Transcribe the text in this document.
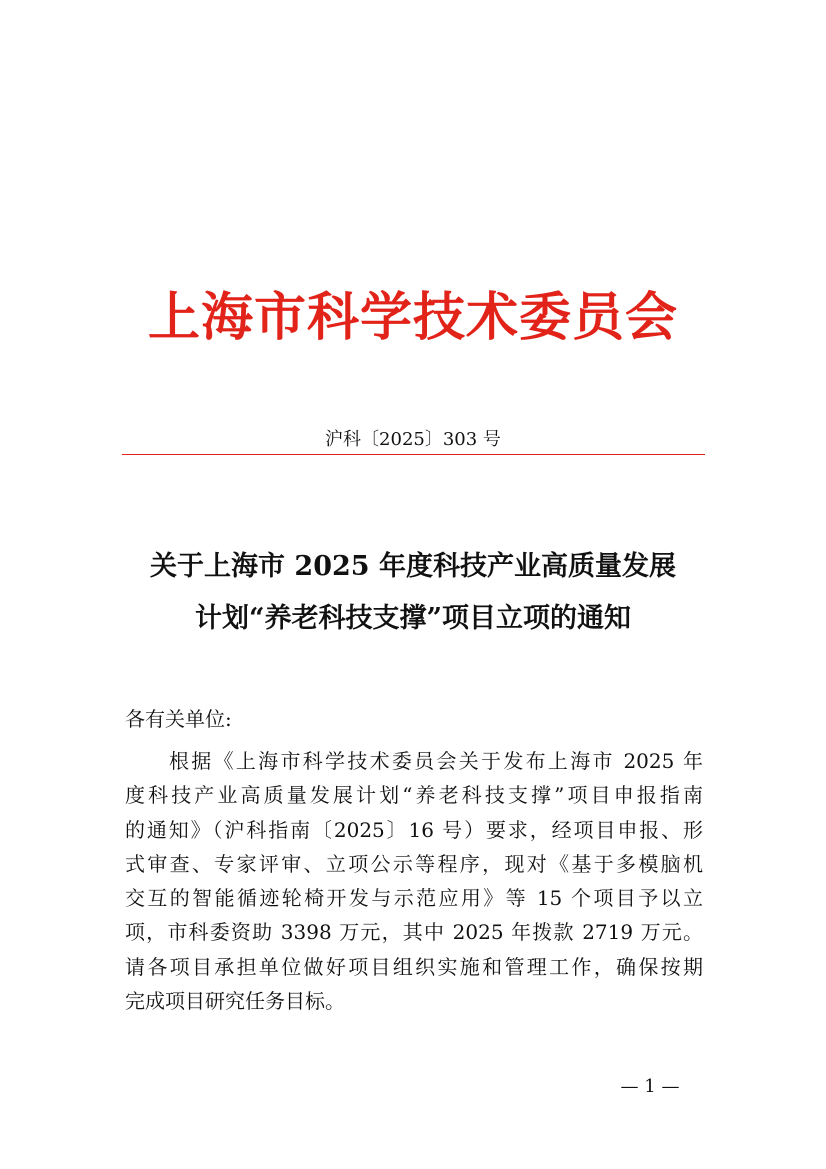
上海市科学技术委员会
沪科〔2025〕303 号
关于上海市 2025 年度科技产业高质量发展
计划“养老科技支撑”项目立项的通知
各有关单位:
根据《上海市科学技术委员会关于发布上海市 2025 年
度科技产业高质量发展计划“养老科技支撑”项目申报指南
的通知》（沪科指南〔2025〕16 号）要求，经项目申报、形
式审查、专家评审、立项公示等程序，现对《基于多模脑机
交互的智能循迹轮椅开发与示范应用》等 15 个项目予以立
项，市科委资助 3398 万元，其中 2025 年拨款 2719 万元。
请各项目承担单位做好项目组织实施和管理工作，确保按期
完成项目研究任务目标。
— 1 —
